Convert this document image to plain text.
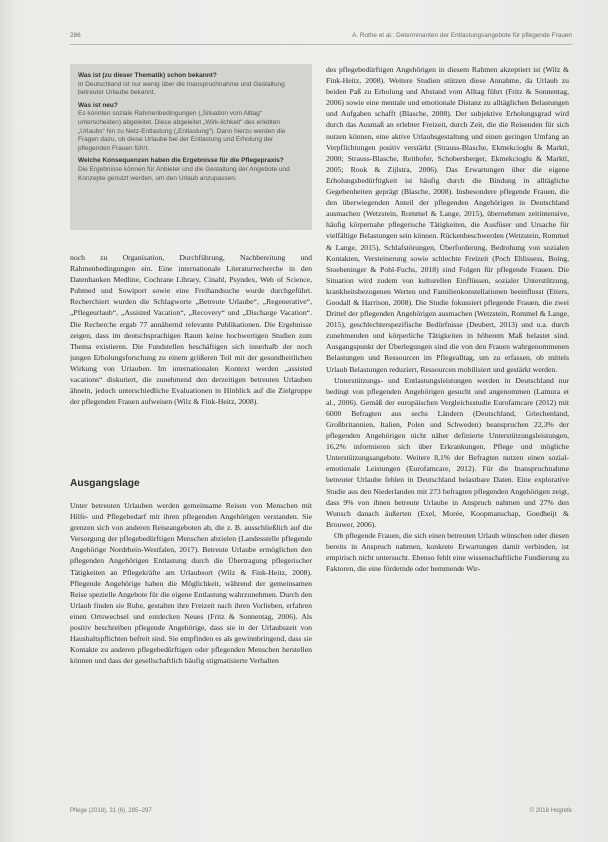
286	A. Rothe et al.: Determinanten der Entlastungsangebote für pflegende Frauen

Was ist (zu dieser Thematik) schon bekannt?

In Deutschland ist nur wenig über die Inanspruchnahme und Gestaltung betreuter Urlaube bekannt.

Was ist neu?

Es konnten soziale Rahmenbedingungen („Situation vom Alltag“ unterscheiden) abgeleitet. Diese abgeleitet „Wirk-lichkeit“ des erlebten „Urlaubs“ hin zu Netz-Entlastung („Entlastung“). Dann hierzu werden die Fragen dazu, ob diese Urlaube bei der Entlastung und Erholung der pflegenden Frauen führt.

Welche Konsequenzen haben die Ergebnisse für die Pflegepraxis?

Die Ergebnisse können für Anbieter und die Gestaltung der Angebote und Konzepte genutzt werden, um den Urlaub anzupassen.

noch zu Organisation, Durchführung, Nachbereitung und Rahmenbedingungen ein. Eine internationale Literaturrecherche in den Datenbanken Medline, Cochrane Library, Cinahl, Psyndex, Web of Science, Pubmed und Sowiport sowie eine Freihandsuche wurde durchgeführt. Recherchiert wurden die Schlagworte „Betreute Urlaube“, „Regenerative“, „Pflegeurlaub“, „Assisted Vacation“, „Recovery“ und „Discharge Vacation“. Die Recherche ergab 77 annähernd relevante Publikationen. Die Ergebnisse zeigen, dass im deutschsprachigen Raum keine hochwertigen Studien zum Thema existieren. Die Fundstellen beschäftigen sich innerhalb der noch jungen Erholungsforschung zu einem größeren Teil mit der gesundheitlichen Wirkung von Urlauben. Im internationalen Kontext werden „assisted vacations“ diskutiert, die zunehmend den derzeitigen betreuten Urlauben ähneln, jedoch unterschiedliche Evaluationen in Hinblick auf die Zielgruppe der pflegenden Frauen aufweisen (Wilz & Fink-Heitz, 2008).

Ausgangslage

Unter betreuten Urlauben werden gemeinsame Reisen von Menschen mit Hilfe- und Pflegebedarf mit ihren pflegenden Angehörigen verstanden. Sie grenzen sich von anderen Reiseangeboten ab, die z. B. ausschließlich auf die Versorgung der pflegebedürftigen Menschen abzielen (Landesstelle pflegende Angehörige Nordrhein-Westfalen, 2017). Betreute Urlaube ermöglichen den pflegenden Angehörigen Entlastung durch die Übertragung pflegerischer Tätigkeiten an Pflegekräfte am Urlaubsort (Wilz & Fink-Heitz, 2008). Pflegende Angehörige haben die Möglichkeit, während der gemeinsamen Reise spezielle Angebote für die eigene Entlastung wahrzunehmen. Durch den Urlaub finden sie Ruhe, gestalten ihre Freizeit nach ihren Vorlieben, erfahren einen Ortswechsel und entdecken Neues (Fritz & Sonnentag, 2006). Als positiv beschreiben pflegende Angehörige, dass sie in der Urlaubszeit von Haushaltspflichten befreit sind. Sie empfinden es als gewinnbringend, dass sie Kontakte zu anderen pflegebedürftigen oder pflegenden Menschen herstellen können und dass der gesellschaftlich häufig stigmatisierte Verhalten

des pflegebedürftigen Angehörigen in diesem Rahmen akzeptiert ist (Wilz & Fink-Heitz, 2008). Weitere Studien stützen diese Annahme, da Urlaub zu beiden Paß zu Erholung und Abstand vom Alltag führt (Fritz & Sonnentag, 2006) sowie eine mentale und emotionale Distanz zu alltäglichen Belastungen und Aufgaben schafft (Blasche, 2008). Der subjektive Erholungsgrad wird durch das Ausmaß an erlebter Freizeit, durch Zeit, die die Reisenden für sich nutzen können, eine aktive Urlaubsgestaltung und einen geringen Umfang an Verpflichtungen positiv verstärkt (Strauss-Blasche, Ekmekcioglu & Marktl, 2000; Strauss-Blasche, Reithofer, Schobersberger, Ekmekcioglu & Marktl, 2005; Rook & Zijlstra, 2006). Das Erwartungen über die eigene Erholungsbedürftigkeit ist häufig durch die Bindung in alltägliche Gegebenheiten geprägt (Blasche, 2008). Insbesondere pflegende Frauen, die den überwiegenden Anteil der pflegenden Angehörigen in Deutschland ausmachen (Wetzstein, Rommel & Lange, 2015), übernehmen zeitintensive, häufig körpernahe pflegerische Tätigkeiten, die Ausfüser und Ursache für vielfältige Belastungen sein können. Rückenbeschwerden (Wetzstein, Rommel & Lange, 2015), Schlafstörungen, Überforderung, Bedrohung von sozialen Kontakten, Versteinerung sowie schlechte Freizeit (Poch Ehlissess, Boing, Stoebeninger & Pohl-Fuchs, 2018) sind Folgen für pflegende Frauen. Die Situation wird zudem von kulturellen Einflüssen, sozialer Unterstützung, krankheitsbezogenen Werten und Familienkonstellationen beeinflusst (Etters, Goodall & Harrison, 2008). Die Studie fokussiert pflegende Frauen, die zwei Drittel der pflegenden Angehörigen ausmachen (Wetzstein, Rommel & Lange, 2015), geschlechterspezifische Bedürfnisse (Deubert, 2013) und u.a. durch zunehmenden und körperliche Tätigkeiten in höherem Maß belastet sind. Ausgangspunkt der Überlegungen sind die von den Frauen wahrgenommenen Belastungen und Ressourcen im Pflegealltag, um zu erfassen, ob mittels Urlaub Belastungen reduziert, Ressourcen mobilisiert und gestärkt werden.

Unterstützungs- und Entlastungsleistungen werden in Deutschland nur bedingt von pflegenden Angehörigen gesucht und angenommen (Lamura et al., 2006). Gemäß der europäischen Vergleichsstudie Eurofamcare (2012) mit 6000 Befragten aus sechs Ländern (Deutschland, Griechenland, Großbritannien, Italien, Polen und Schweden) beanspruchen 22,3% der pflegenden Angehörigen nicht näher definierte Unterstützungsleistungen, 16,2% informieren sich über Erkrankungen, Pflege und mögliche Unterstützungsangebote. Weitere 8,1% der Befragten nutzen einen sozial-emotionale Leistungen (Eurofamcare, 2012). Für die Inanspruchnahme betreuter Urlaube fehlen in Deutschland belastbare Daten. Eine explorative Studie aus den Niederlanden mit 273 befragten pflegenden Angehörigen zeigt, dass 9% von ihnen betreute Urlaube in Anspruch nahmen und 27% den Wunsch danach äußerten (Exel, Morée, Koopmanschap, Goedheijt & Brouwer, 2006).

Ob pflegende Frauen, die sich einen betreuten Urlaub wünschen oder diesen bereits in Anspruch nahmen, konkrete Erwartungen damit verbinden, ist empirisch nicht untersucht. Ebenso fehlt eine wissenschaftliche Fundierung zu Faktoren, die eine fördernde oder hemmende Wir-

Pflege (2018), 31 (6), 285–297	© 2018 Hogrefe
